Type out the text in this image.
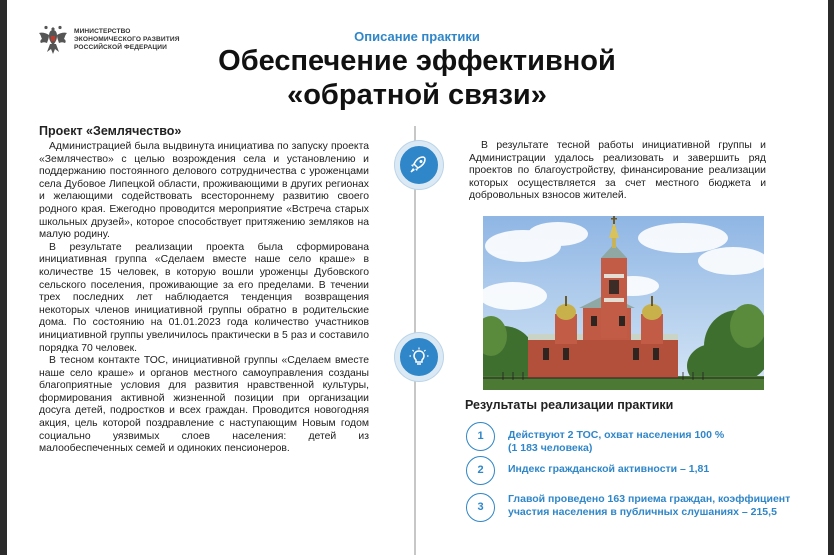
МИНИСТЕРСТВО
ЭКОНОМИЧЕСКОГО РАЗВИТИЯ
РОССИЙСКОЙ ФЕДЕРАЦИИ
Описание практики
Обеспечение эффективной
«обратной связи»
Проект «Землячество»

Администрацией была выдвинута инициатива по запуску проекта «Землячество» с целью возрождения села и установлению и поддержанию постоянного делового сотрудничества с уроженцами села Дубовое Липецкой области, проживающими в других регионах и желающими содействовать всестороннему развитию своего родного края. Ежегодно проводится мероприятие «Встреча старых школьных друзей», которое способствует притяжению земляков на малую родину.

В результате реализации проекта была сформирована инициативная группа «Сделаем вместе наше село краше» в количестве 15 человек, в которую вошли уроженцы Дубовского сельского поселения, проживающие за его пределами. В течении трех последних лет наблюдается тенденция возвращения некоторых членов инициативной группы обратно в родительские дома. По состоянию на 01.01.2023 года количество участников инициативной группы увеличилось практически в 5 раз и составило порядка 70 человек.

В тесном контакте ТОС, инициативной группы «Сделаем вместе наше село краше» и органов местного самоуправления созданы благоприятные условия для развития нравственной культуры, формирования активной жизненной позиции при организации досуга детей, подростков и всех граждан. Проводится новогодняя акция, цель которой поздравление с наступающим Новым годом социально уязвимых слоев населения: детей из малообеспеченных семей и одиноких пенсионеров.

В результате тесной работы инициативной группы и Администрации удалось реализовать и завершить ряд проектов по благоустройству, финансирование реализации которых осуществляется за счет местного бюджета и добровольных взносов жителей.

Результаты реализации практики
1	Действуют 2 ТОС, охват населения 100 %
(1 183 человека)
2	Индекс гражданской активности – 1,81
3
Главой проведено 163 приема граждан, коэффициент
участия населения в публичных слушаниях – 215,5
